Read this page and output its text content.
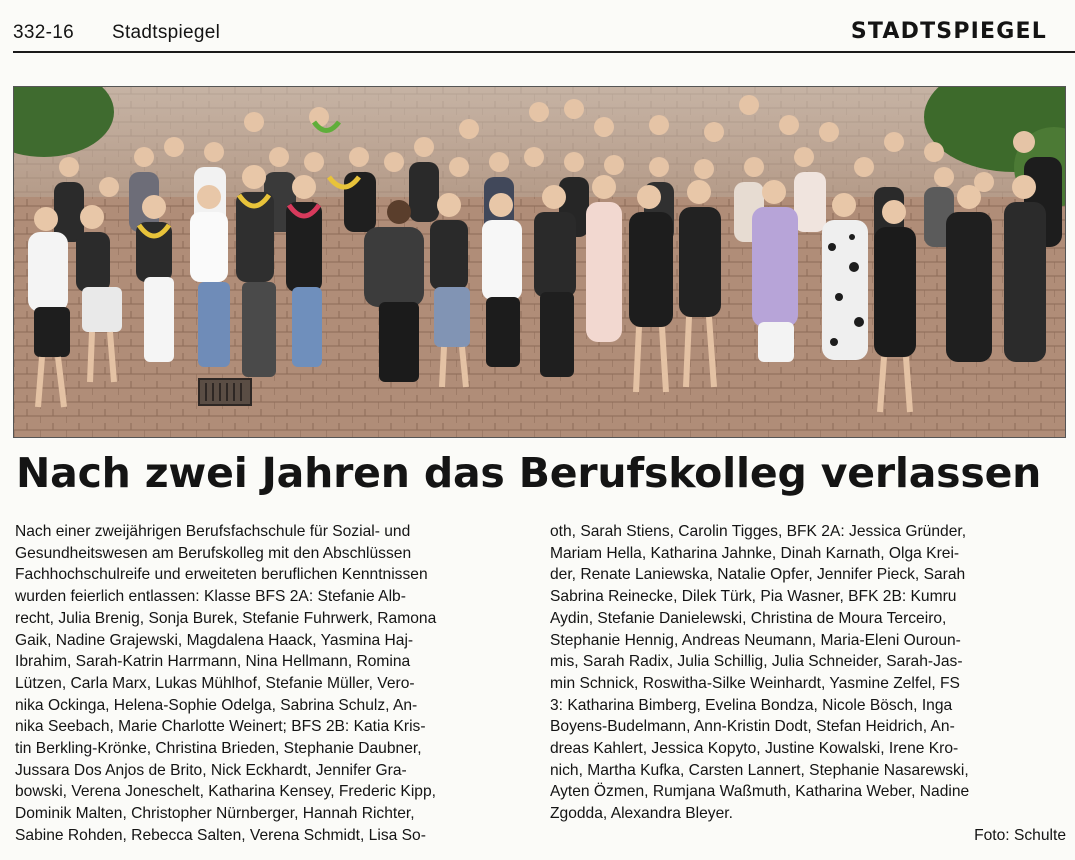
332-16 Stadtspiegel	STADTSPIEGEL
Nach zwei Jahren das Berufskolleg verlassen

Nach einer zweijährigen Berufsfachschule für Sozial- und

Gesundheitswesen am Berufskolleg mit den Abschlüssen

Fachhochschulreife und erweiteten beruflichen Kenntnissen

wurden feierlich entlassen: Klasse BFS 2A: Stefanie Alb-

recht, Julia Brenig, Sonja Burek, Stefanie Fuhrwerk, Ramona

Gaik, Nadine Grajewski, Magdalena Haack, Yasmina Haj-

Ibrahim, Sarah-Katrin Harrmann, Nina Hellmann, Romina

Lützen, Carla Marx, Lukas Mühlhof, Stefanie Müller, Vero-

nika Ockinga, Helena-Sophie Odelga, Sabrina Schulz, An-

nika Seebach, Marie Charlotte Weinert; BFS 2B: Katia Kris-

tin Berkling-Krönke, Christina Brieden, Stephanie Daubner,

Jussara Dos Anjos de Brito, Nick Eckhardt, Jennifer Gra-

bowski, Verena Joneschelt, Katharina Kensey, Frederic Kipp,

Dominik Malten, Christopher Nürnberger, Hannah Richter,

Sabine Rohden, Rebecca Salten, Verena Schmidt, Lisa So-

oth, Sarah Stiens, Carolin Tigges, BFK 2A: Jessica Gründer,

Mariam Hella, Katharina Jahnke, Dinah Karnath, Olga Krei-

der, Renate Laniewska, Natalie Opfer, Jennifer Pieck, Sarah

Sabrina Reinecke, Dilek Türk, Pia Wasner, BFK 2B: Kumru

Aydin, Stefanie Danielewski, Christina de Moura Terceiro,

Stephanie Hennig, Andreas Neumann, Maria-Eleni Ouroun-

mis, Sarah Radix, Julia Schillig, Julia Schneider, Sarah-Jas-

min Schnick, Roswitha-Silke Weinhardt, Yasmine Zelfel, FS

3: Katharina Bimberg, Evelina Bondza, Nicole Bösch, Inga

Boyens-Budelmann, Ann-Kristin Dodt, Stefan Heidrich, An-

dreas Kahlert, Jessica Kopyto, Justine Kowalski, Irene Kro-

nich, Martha Kufka, Carsten Lannert, Stephanie Nasarewski,

Ayten Özmen, Rumjana Waßmuth, Katharina Weber, Nadine

Zgodda, Alexandra Bleyer.

Foto: Schulte
